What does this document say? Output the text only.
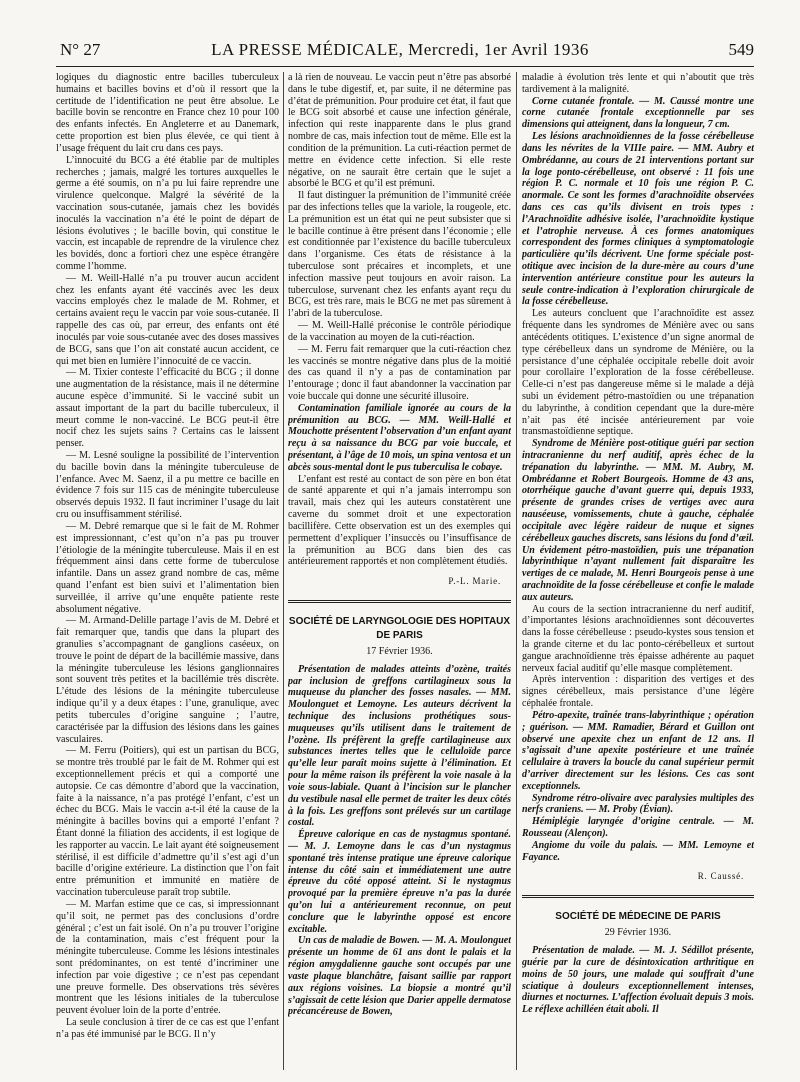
N° 27	LA PRESSE MÉDICALE, Mercredi, 1er Avril 1936	549

logiques du diagnostic entre bacilles tuberculeux humains et bacilles bovins et d’où il ressort que la certitude de l’identification ne peut être absolue. Le bacille bovin se rencontre en France chez 10 pour 100 des enfants infectés. En Angleterre et au Danemark, cette proportion est bien plus élevée, ce qui tient à l’usage fréquent du lait cru dans ces pays.

L’innocuité du BCG a été établie par de multiples recherches ; jamais, malgré les tortures auxquelles le germe a été soumis, on n’a pu lui faire reprendre une virulence quelconque. Malgré la sévérité de la vaccination sous-cutanée, jamais chez les bovidés inoculés la vaccination n’a été le point de départ de lésions évolutives ; le bacille bovin, qui constitue le vaccin, est incapable de reprendre de la virulence chez les bovidés, donc a fortiori chez une espèce étrangère comme l’homme.

— M. Weill-Hallé n’a pu trouver aucun accident chez les enfants ayant été vaccinés avec les deux vaccins employés chez le malade de M. Rohmer, et certains avaient reçu le vaccin par voie sous-cutanée. Il rappelle des cas où, par erreur, des enfants ont été inoculés par voie sous-cutanée avec des doses massives de BCG, sans que l’on ait constaté aucun accident, ce qui met bien en lumière l’innocuité de ce vaccin.

— M. Tixier conteste l’efficacité du BCG ; il donne une augmentation de la résistance, mais il ne détermine aucune espèce d’immunité. Si le vacciné subit un assaut important de la part du bacille tuberculeux, il meurt comme le non-vacciné. Le BCG peut-il être nocif chez les sujets sains ? Certains cas le laissent penser.

— M. Lesné souligne la possibilité de l’intervention du bacille bovin dans la méningite tuberculeuse de l’enfance. Avec M. Saenz, il a pu mettre ce bacille en évidence 7 fois sur 115 cas de méningite tuberculeuse observés depuis 1932. Il faut incriminer l’usage du lait cru ou insuffisamment stérilisé.

— M. Debré remarque que si le fait de M. Rohmer est impressionnant, c’est qu’on n’a pas pu trouver l’étiologie de la méningite tuberculeuse. Mais il en est fréquemment ainsi dans cette forme de tuberculose infantile. Dans un assez grand nombre de cas, même quand l’enfant est bien suivi et l’alimentation bien surveillée, il arrive qu’une enquête patiente reste absolument négative.

— M. Armand-Delille partage l’avis de M. Debré et fait remarquer que, tandis que dans la plupart des granulies s’accompagnant de ganglions caséeux, on trouve le point de départ de la bacillémie massive, dans la méningite tuberculeuse les lésions ganglionnaires sont souvent très petites et la bacillémie très discrète. L’étude des lésions de la méningite tuberculeuse indique qu’il y a deux étapes : l’une, granulique, avec petits tubercules d’origine sanguine ; l’autre, caractérisée par la diffusion des lésions dans les gaines vasculaires.

— M. Ferru (Poitiers), qui est un partisan du BCG, se montre très troublé par le fait de M. Rohmer qui est exceptionnellement précis et qui a comporté une autopsie. Ce cas démontre d’abord que la vaccination, faite à la naissance, n’a pas protégé l’enfant, c’est un échec du BCG. Mais le vaccin a-t-il été la cause de la méningite à bacilles bovins qui a emporté l’enfant ? Étant donné la filiation des accidents, il est logique de les rapporter au vaccin. Le lait ayant été soigneusement stérilisé, il est difficile d’admettre qu’il s’est agi d’un bacille d’origine extérieure. La distinction que l’on fait entre prémunition et immunité en matière de vaccination tuberculeuse paraît trop subtile.

— M. Marfan estime que ce cas, si impressionnant qu’il soit, ne permet pas des conclusions d’ordre général ; c’est un fait isolé. On n’a pu trouver l’origine de la contamination, mais c’est fréquent pour la méningite tuberculeuse. Comme les lésions intestinales sont prédominantes, on est tenté d’incriminer une infection par voie digestive ; ce n’est pas cependant une preuve formelle. Des observations très sévères montrent que les lésions initiales de la tuberculose peuvent évoluer loin de la porte d’entrée.

La seule conclusion à tirer de ce cas est que l’enfant n’a pas été immunisé par le BCG. Il n’y

a là rien de nouveau. Le vaccin peut n’être pas absorbé dans le tube digestif, et, par suite, il ne détermine pas d’état de prémunition. Pour produire cet état, il faut que le BCG soit absorbé et cause une infection générale, infection qui reste inapparente dans le plus grand nombre de cas, mais infection tout de même. Elle est la condition de la prémunition. La cuti-réaction permet de mettre en évidence cette infection. Si elle reste négative, on ne saurait être certain que le sujet a absorbé le BCG et qu’il est prémuni.

Il faut distinguer la prémunition de l’immunité créée par des infections telles que la variole, la rougeole, etc. La prémunition est un état qui ne peut subsister que si le bacille continue à être présent dans l’économie ; elle est conditionnée par l’existence du bacille tuberculeux dans l’organisme. Ces états de résistance à la tuberculose sont précaires et incomplets, et une infection massive peut toujours en avoir raison. La tuberculose, survenant chez les enfants ayant reçu du BCG, est très rare, mais le BCG ne met pas sûrement à l’abri de la tuberculose.

— M. Weill-Hallé préconise le contrôle périodique de la vaccination au moyen de la cuti-réaction.

— M. Ferru fait remarquer que la cuti-réaction chez les vaccinés se montre négative dans plus de la moitié des cas quand il n’y a pas de contamination par l’entourage ; donc il faut abandonner la vaccination par voie buccale qui donne une sécurité illusoire.

Contamination familiale ignorée au cours de la prémunition au BCG. — MM. Weill-Hallé et Mouchotte présentent l’observation d’un enfant ayant reçu à sa naissance du BCG par voie buccale, et présentant, à l’âge de 10 mois, un spina ventosa et un abcès sous-mental dont le pus tuberculisa le cobaye.

L’enfant est resté au contact de son père en bon état de santé apparente et qui n’a jamais interrompu son travail, mais chez qui les auteurs constatèrent une caverne du sommet droit et une expectoration bacillifère. Cette observation est un des exemples qui permettent d’expliquer l’insuccès ou l’insuffisance de la prémunition au BCG dans bien des cas antérieurement rapportés et non complètement étudiés.

P.-L. Marie.

SOCIÉTÉ DE LARYNGOLOGIE DES HOPITAUX DE PARIS

17 Février 1936.

Présentation de malades atteints d’ozène, traités par inclusion de greffons cartilagineux sous la muqueuse du plancher des fosses nasales. — MM. Moulonguet et Lemoyne. Les auteurs décrivent la technique des inclusions prothétiques sous-muqueuses qu’ils utilisent dans le traitement de l’ozène. Ils préfèrent la greffe cartilagineuse aux substances inertes telles que le celluloïde parce qu’elle leur paraît moins sujette à l’élimination. Et pour la même raison ils préfèrent la voie nasale à la voie sous-labiale. Quant à l’incision sur le plancher du vestibule nasal elle permet de traiter les deux côtés à la fois. Les greffons sont prélevés sur un cartilage costal.

Épreuve calorique en cas de nystagmus spontané. — M. J. Lemoyne dans le cas d’un nystagmus spontané très intense pratique une épreuve calorique intense du côté sain et immédiatement une autre épreuve du côté opposé atteint. Si le nystagmus provoqué par la première épreuve n’a pas la durée qu’on lui a antérieurement reconnue, on peut conclure que le labyrinthe opposé est encore excitable.

Un cas de maladie de Bowen. — M. A. Moulonguet présente un homme de 61 ans dont le palais et la région amygdalienne gauche sont occupés par une vaste plaque blanchâtre, faisant saillie par rapport aux régions voisines. La biopsie a montré qu’il s’agissait de cette lésion que Darier appelle dermatose précancéreuse de Bowen,

maladie à évolution très lente et qui n’aboutit que très tardivement à la malignité.

Corne cutanée frontale. — M. Caussé montre une corne cutanée frontale exceptionnelle par ses dimensions qui atteignent, dans la longueur, 7 cm.

Les lésions arachnoïdiennes de la fosse cérébelleuse dans les névrites de la VIIIe paire. — MM. Aubry et Ombrédanne, au cours de 21 interventions portant sur la loge ponto-cérébelleuse, ont observé : 11 fois une région P. C. normale et 10 fois une région P. C. anormale. Ce sont les formes d’arachnoïdite observées dans ces cas qu’ils divisent en trois types : l’Arachnoïdite adhésive isolée, l’arachnoïdite kystique et l’atrophie nerveuse. À ces formes anatomiques correspondent des formes cliniques à symptomatologie particulière qu’ils décrivent. Une forme spéciale post-otitique avec incision de la dure-mère au cours d’une intervention antérieure constitue pour les auteurs la seule contre-indication à l’exploration chirurgicale de la fosse cérébelleuse.

Les auteurs concluent que l’arachnoïdite est assez fréquente dans les syndromes de Ménière avec ou sans antécédents otitiques. L’existence d’un signe anormal de type cérébelleux dans un syndrome de Ménière, ou la persistance d’une céphalée occipitale rebelle doit avoir pour corollaire l’exploration de la fosse cérébelleuse. Celle-ci n’est pas dangereuse même si le malade a déjà subi un évidement pétro-mastoïdien ou une trépanation du labyrinthe, à condition cependant que la dure-mère n’ait pas été incisée antérieurement par voie transmastoïdienne septique.

Syndrome de Ménière post-otitique guéri par section intracranienne du nerf auditif, après échec de la trépanation du labyrinthe. — MM. M. Aubry, M. Ombrédanne et Robert Bourgeois. Homme de 43 ans, otorrhéique gauche d’avant guerre qui, depuis 1933, présente de grandes crises de vertiges avec aura nauséeuse, vomissements, chute à gauche, céphalée occipitale avec légère raideur de nuque et signes cérébelleux gauches discrets, sans lésions du fond d’œil. Un évidement pétro-mastoïdien, puis une trépanation labyrinthique n’ayant nullement fait disparaître les vertiges de ce malade, M. Henri Bourgeois pense à une arachnoïdite de la fosse cérébelleuse et confie le malade aux auteurs.

Au cours de la section intracranienne du nerf auditif, d’importantes lésions arachnoïdiennes sont découvertes dans la fosse cérébelleuse : pseudo-kystes sous tension et la grande citerne et du lac ponto-cérébelleux et surtout gangue arachnoïdienne très épaisse adhérente au paquet nerveux facial auditif qu’elle masque complètement.

Après intervention : disparition des vertiges et des signes cérébelleux, mais persistance d’une légère céphalée frontale.

Pétro-apexite, traînée trans-labyrinthique ; opération ; guérison. — MM. Ramadier, Bérard et Guillon ont observé une apexite chez un enfant de 12 ans. Il s’agissait d’une apexite postérieure et une traînée cellulaire à travers la boucle du canal supérieur permit d’arriver directement sur les lésions. Ces cas sont exceptionnels.

Syndrome rétro-olivaire avec paralysies multiples des nerfs craniens. — M. Proby (Évian).

Hémiplégie laryngée d’origine centrale. — M. Rousseau (Alençon).

Angiome du voile du palais. — MM. Lemoyne et Fayance.

R. Caussé.

SOCIÉTÉ DE MÉDECINE DE PARIS

29 Février 1936.

Présentation de malade. — M. J. Sédillot présente, guérie par la cure de désintoxication arthritique en moins de 50 jours, une malade qui souffrait d’une sciatique à douleurs exceptionnellement intenses, diurnes et nocturnes. L’affection évoluait depuis 3 mois. Le réflexe achilléen était aboli. Il
